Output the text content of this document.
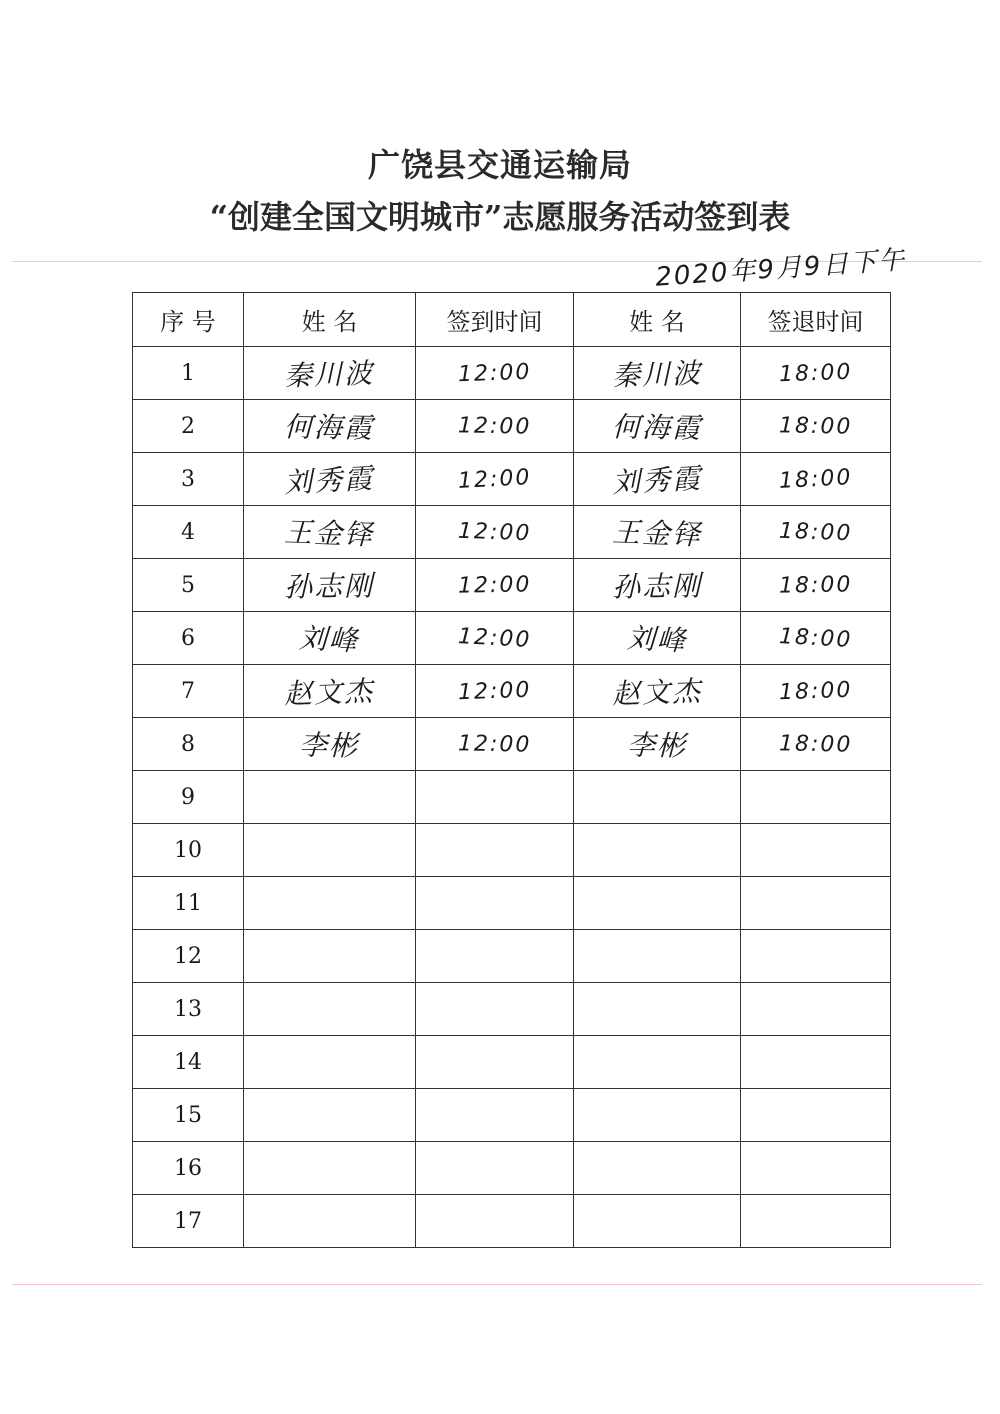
广饶县交通运输局
“创建全国文明城市”志愿服务活动签到表
2020年9月9日下午
序 号	姓 名	签到时间	姓 名	签退时间
1	秦川波	12:00	秦川波	18:00
2	何海霞	12:00	何海霞	18:00
3	刘秀霞	12:00	刘秀霞	18:00
4	王金铎	12:00	王金铎	18:00
5	孙志刚	12:00	孙志刚	18:00
6	刘峰	12:00	刘峰	18:00
7	赵文杰	12:00	赵文杰	18:00
8	李彬	12:00	李彬	18:00
9				
10				
11				
12				
13				
14				
15				
16				
17				
